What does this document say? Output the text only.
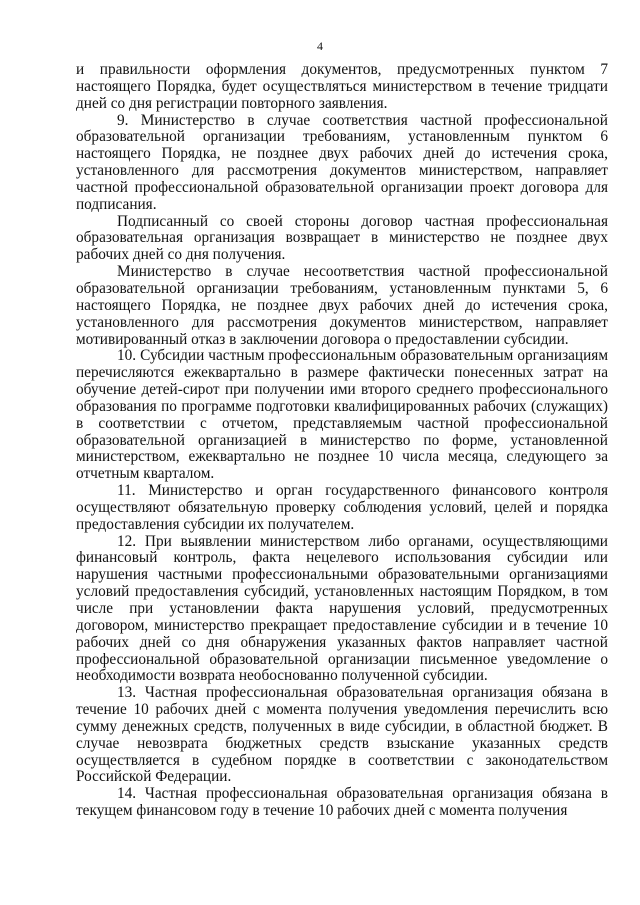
4

и правильности оформления документов, предусмотренных пунктом 7 настоящего Порядка, будет осуществляться министерством в течение тридцати дней со дня регистрации повторного заявления.

9. Министерство в случае соответствия частной профессиональной образовательной организации требованиям, установленным пунктом 6 настоящего Порядка, не позднее двух рабочих дней до истечения срока, установленного для рассмотрения документов министерством, направляет частной профессиональной образовательной организации проект договора для подписания.

Подписанный со своей стороны договор частная профессиональная образовательная организация возвращает в министерство не позднее двух рабочих дней со дня получения.

Министерство в случае несоответствия частной профессиональной образовательной организации требованиям, установленным пунктами 5, 6 настоящего Порядка, не позднее двух рабочих дней до истечения срока, установленного для рассмотрения документов министерством, направляет мотивированный отказ в заключении договора о предоставлении субсидии.

10. Субсидии частным профессиональным образовательным организациям перечисляются ежеквартально в размере фактически понесенных затрат на обучение детей-сирот при получении ими второго среднего профессионального образования по программе подготовки квалифицированных рабочих (служащих) в соответствии с отчетом, представляемым частной профессиональной образовательной организацией в министерство по форме, установленной министерством, ежеквартально не позднее 10 числа месяца, следующего за отчетным кварталом.

11. Министерство и орган государственного финансового контроля осуществляют обязательную проверку соблюдения условий, целей и порядка предоставления субсидии их получателем.

12. При выявлении министерством либо органами, осуществляющими финансовый контроль, факта нецелевого использования субсидии или нарушения частными профессиональными образовательными организациями условий предоставления субсидий, установленных настоящим Порядком, в том числе при установлении факта нарушения условий, предусмотренных договором, министерство прекращает предоставление субсидии и в течение 10 рабочих дней со дня обнаружения указанных фактов направляет частной профессиональной образовательной организации письменное уведомление о необходимости возврата необоснованно полученной субсидии.

13. Частная профессиональная образовательная организация обязана в течение 10 рабочих дней с момента получения уведомления перечислить всю сумму денежных средств, полученных в виде субсидии, в областной бюджет. В случае невозврата бюджетных средств взыскание указанных средств осуществляется в судебном порядке в соответствии с законодательством Российской Федерации.

14. Частная профессиональная образовательная организация обязана в текущем финансовом году в течение 10 рабочих дней с момента получения
